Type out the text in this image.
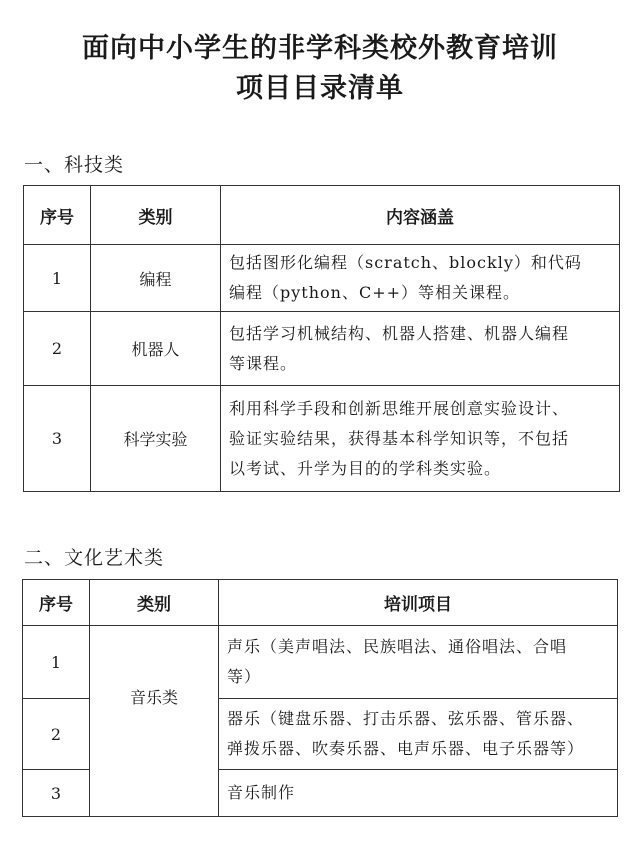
面向中小学生的非学科类校外教育培训
项目目录清单
一、科技类
序号	类别	内容涵盖
1	编程	包括图形化编程（scratch、blockly）和代码
编程（python、C++）等相关课程。

2	机器人	包括学习机械结构、机器人搭建、机器人编程
等课程。

3	科学实验	利用科学手段和创新思维开展创意实验设计、
验证实验结果，获得基本科学知识等，不包括
以考试、升学为目的的学科类实验。
二、文化艺术类
序号	类别	培训项目
1	音乐类	声乐（美声唱法、民族唱法、通俗唱法、合唱
等）

2		器乐（键盘乐器、打击乐器、弦乐器、管乐器、
弹拨乐器、吹奏乐器、电声乐器、电子乐器等）

3		音乐制作
